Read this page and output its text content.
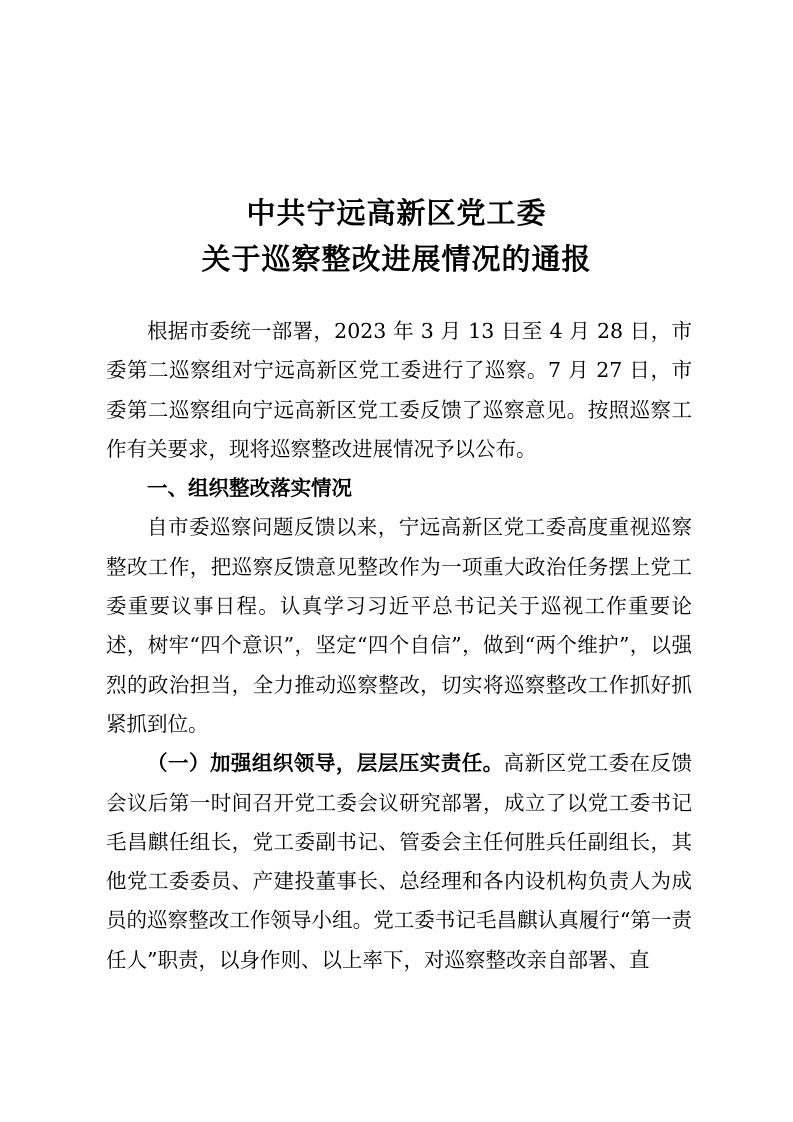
中共宁远高新区党工委
关于巡察整改进展情况的通报

根据市委统一部署，2023 年 3 月 13 日至 4 月 28 日，市委第二巡察组对宁远高新区党工委进行了巡察。7 月 27 日，市委第二巡察组向宁远高新区党工委反馈了巡察意见。按照巡察工作有关要求，现将巡察整改进展情况予以公布。

一、组织整改落实情况

自市委巡察问题反馈以来，宁远高新区党工委高度重视巡察整改工作，把巡察反馈意见整改作为一项重大政治任务摆上党工委重要议事日程。认真学习习近平总书记关于巡视工作重要论述，树牢“四个意识”，坚定“四个自信”，做到“两个维护”，以强烈的政治担当，全力推动巡察整改，切实将巡察整改工作抓好抓紧抓到位。

（一）加强组织领导，层层压实责任。高新区党工委在反馈会议后第一时间召开党工委会议研究部署，成立了以党工委书记毛昌麒任组长，党工委副书记、管委会主任何胜兵任副组长，其他党工委委员、产建投董事长、总经理和各内设机构负责人为成员的巡察整改工作领导小组。党工委书记毛昌麒认真履行“第一责任人”职责，以身作则、以上率下，对巡察整改亲自部署、直
